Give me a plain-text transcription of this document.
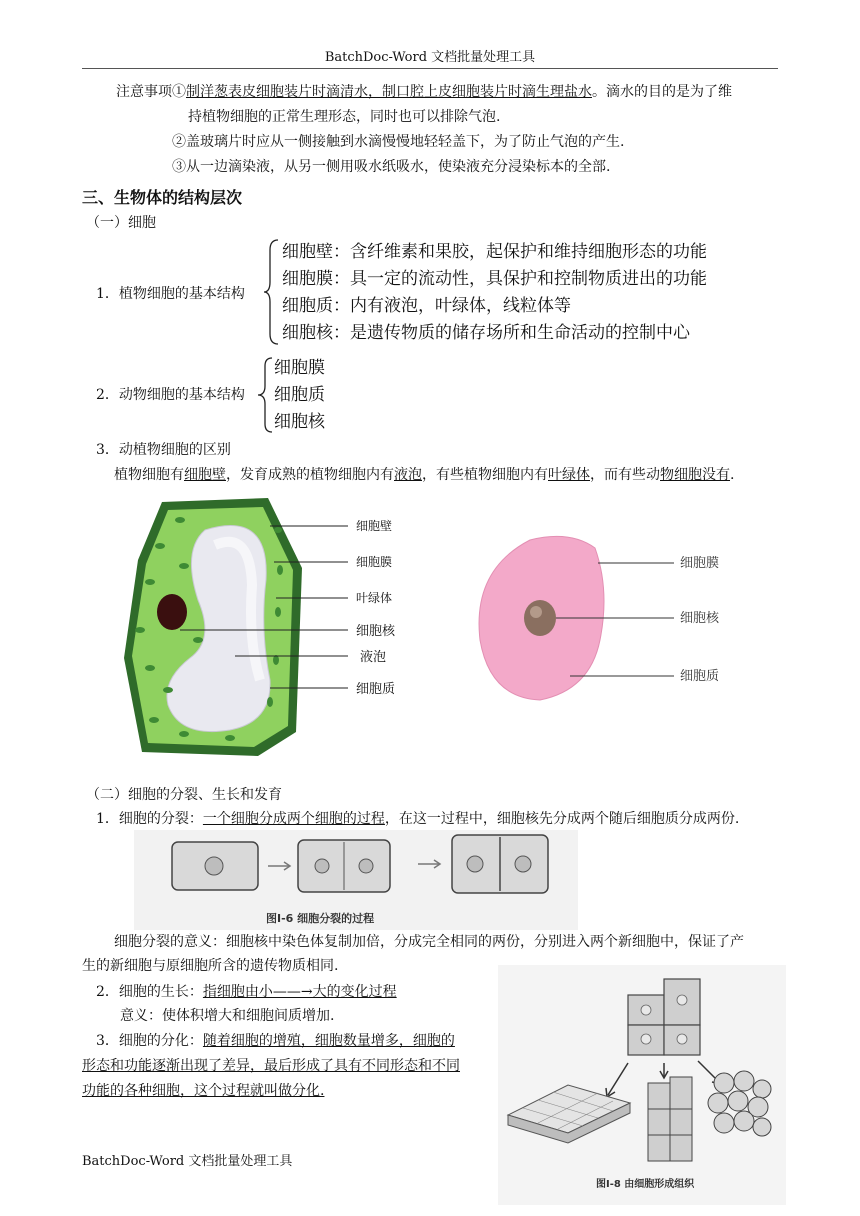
BatchDoc-Word 文档批量处理工具
注意事项①制洋葱表皮细胞装片时滴清水，制口腔上皮细胞装片时滴生理盐水。滴水的目的是为了维
持植物细胞的正常生理形态，同时也可以排除气泡.
②盖玻璃片时应从一侧接触到水滴慢慢地轻轻盖下，为了防止气泡的产生.
③从一边滴染液，从另一侧用吸水纸吸水，使染液充分浸染标本的全部.
三、生物体的结构层次
（一）细胞
1．植物细胞的基本结构
细胞壁：含纤维素和果胶，起保护和维持细胞形态的功能
细胞膜：具一定的流动性，具保护和控制物质进出的功能
细胞质：内有液泡，叶绿体，线粒体等
细胞核：是遗传物质的储存场所和生命活动的控制中心
2．动物细胞的基本结构
细胞膜
细胞质
细胞核
3．动植物细胞的区别
植物细胞有细胞壁，发育成熟的植物细胞内有液泡，有些植物细胞内有叶绿体，而有些动物细胞没有.
细胞壁
细胞膜
叶绿体
细胞核
液泡
细胞质
细胞膜
细胞核
细胞质
（二）细胞的分裂、生长和发育
1．细胞的分裂：一个细胞分成两个细胞的过程，在这一过程中，细胞核先分成两个随后细胞质分成两份.
图Ⅰ-6 细胞分裂的过程
细胞分裂的意义：细胞核中染色体复制加倍，分成完全相同的两份，分别进入两个新细胞中，保证了产
生的新细胞与原细胞所含的遗传物质相同.
2．细胞的生长：指细胞由小——→大的变化过程
意义：使体积增大和细胞间质增加.
3．细胞的分化：随着细胞的增殖，细胞数量增多，细胞的
形态和功能逐渐出现了差异，最后形成了具有不同形态和不同
功能的各种细胞，这个过程就叫做分化.
图Ⅰ-8 由细胞形成组织
BatchDoc-Word 文档批量处理工具
